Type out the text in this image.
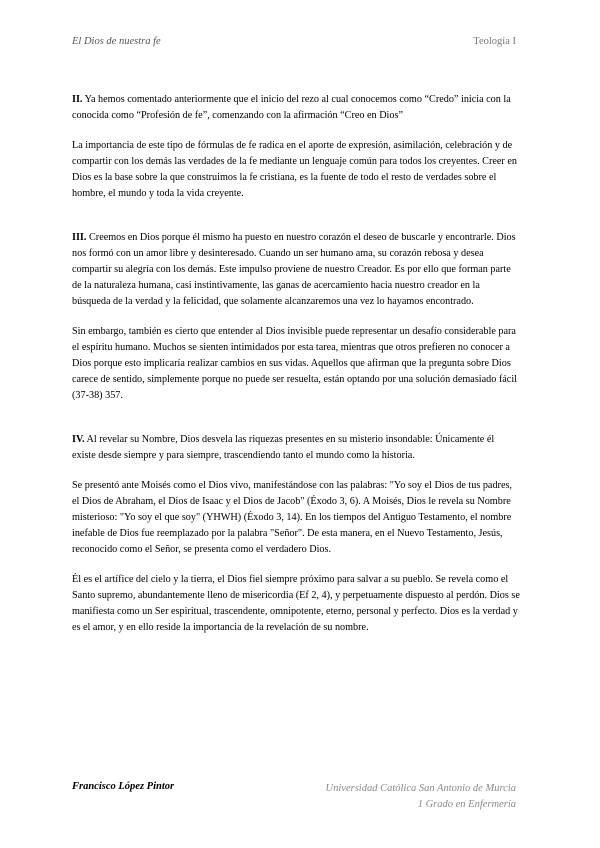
El Dios de nuestra fe	Teología I

II. Ya hemos comentado anteriormente que el inicio del rezo al cual conocemos como “Credo” inicia con la conocida como “Profesión de fe”, comenzando con la afirmación “Creo en Dios”

La importancia de este tipo de fórmulas de fe radica en el aporte de expresión, asimilación, celebración y de compartir con los demás las verdades de la fe mediante un lenguaje común para todos los creyentes. Creer en Dios es la base sobre la que construimos la fe cristiana, es la fuente de todo el resto de verdades sobre el hombre, el mundo y toda la vida creyente.

III. Creemos en Dios porque él mismo ha puesto en nuestro corazón el deseo de buscarle y encontrarle. Dios nos formó con un amor libre y desinteresado. Cuando un ser humano ama, su corazón rebosa y desea compartir su alegría con los demás. Este impulso proviene de nuestro Creador. Es por ello que forman parte de la naturaleza humana, casi instintivamente, las ganas de acercamiento hacia nuestro creador en la búsqueda de la verdad y la felicidad, que solamente alcanzaremos una vez lo hayamos encontrado.

Sin embargo, también es cierto que entender al Dios invisible puede representar un desafío considerable para el espíritu humano. Muchos se sienten intimidados por esta tarea, mientras que otros prefieren no conocer a Dios porque esto implicaría realizar cambios en sus vidas. Aquellos que afirman que la pregunta sobre Dios carece de sentido, simplemente porque no puede ser resuelta, están optando por una solución demasiado fácil (37-38) 357.

IV. Al revelar su Nombre, Dios desvela las riquezas presentes en su misterio insondable: Únicamente él existe desde siempre y para siempre, trascendiendo tanto el mundo como la historia.

Se presentó ante Moisés como el Dios vivo, manifestándose con las palabras: "Yo soy el Dios de tus padres, el Dios de Abraham, el Dios de Isaac y el Dios de Jacob" (Éxodo 3, 6). A Moisés, Dios le revela su Nombre misterioso: "Yo soy el que soy" (YHWH) (Éxodo 3, 14). En los tiempos del Antiguo Testamento, el nombre inefable de Dios fue reemplazado por la palabra "Señor". De esta manera, en el Nuevo Testamento, Jesús, reconocido como el Señor, se presenta como el verdadero Dios.

Él es el artífice del cielo y la tierra, el Dios fiel siempre próximo para salvar a su pueblo. Se revela como el Santo supremo, abundantemente lleno de misericordia (Ef 2, 4), y perpetuamente dispuesto al perdón. Dios se manifiesta como un Ser espiritual, trascendente, omnipotente, eterno, personal y perfecto. Dios es la verdad y es el amor, y en ello reside la importancia de la revelación de su nombre.

Francisco López Pintor	Universidad Católica San Antonio de Murcia
1 Grado en Enfermería
